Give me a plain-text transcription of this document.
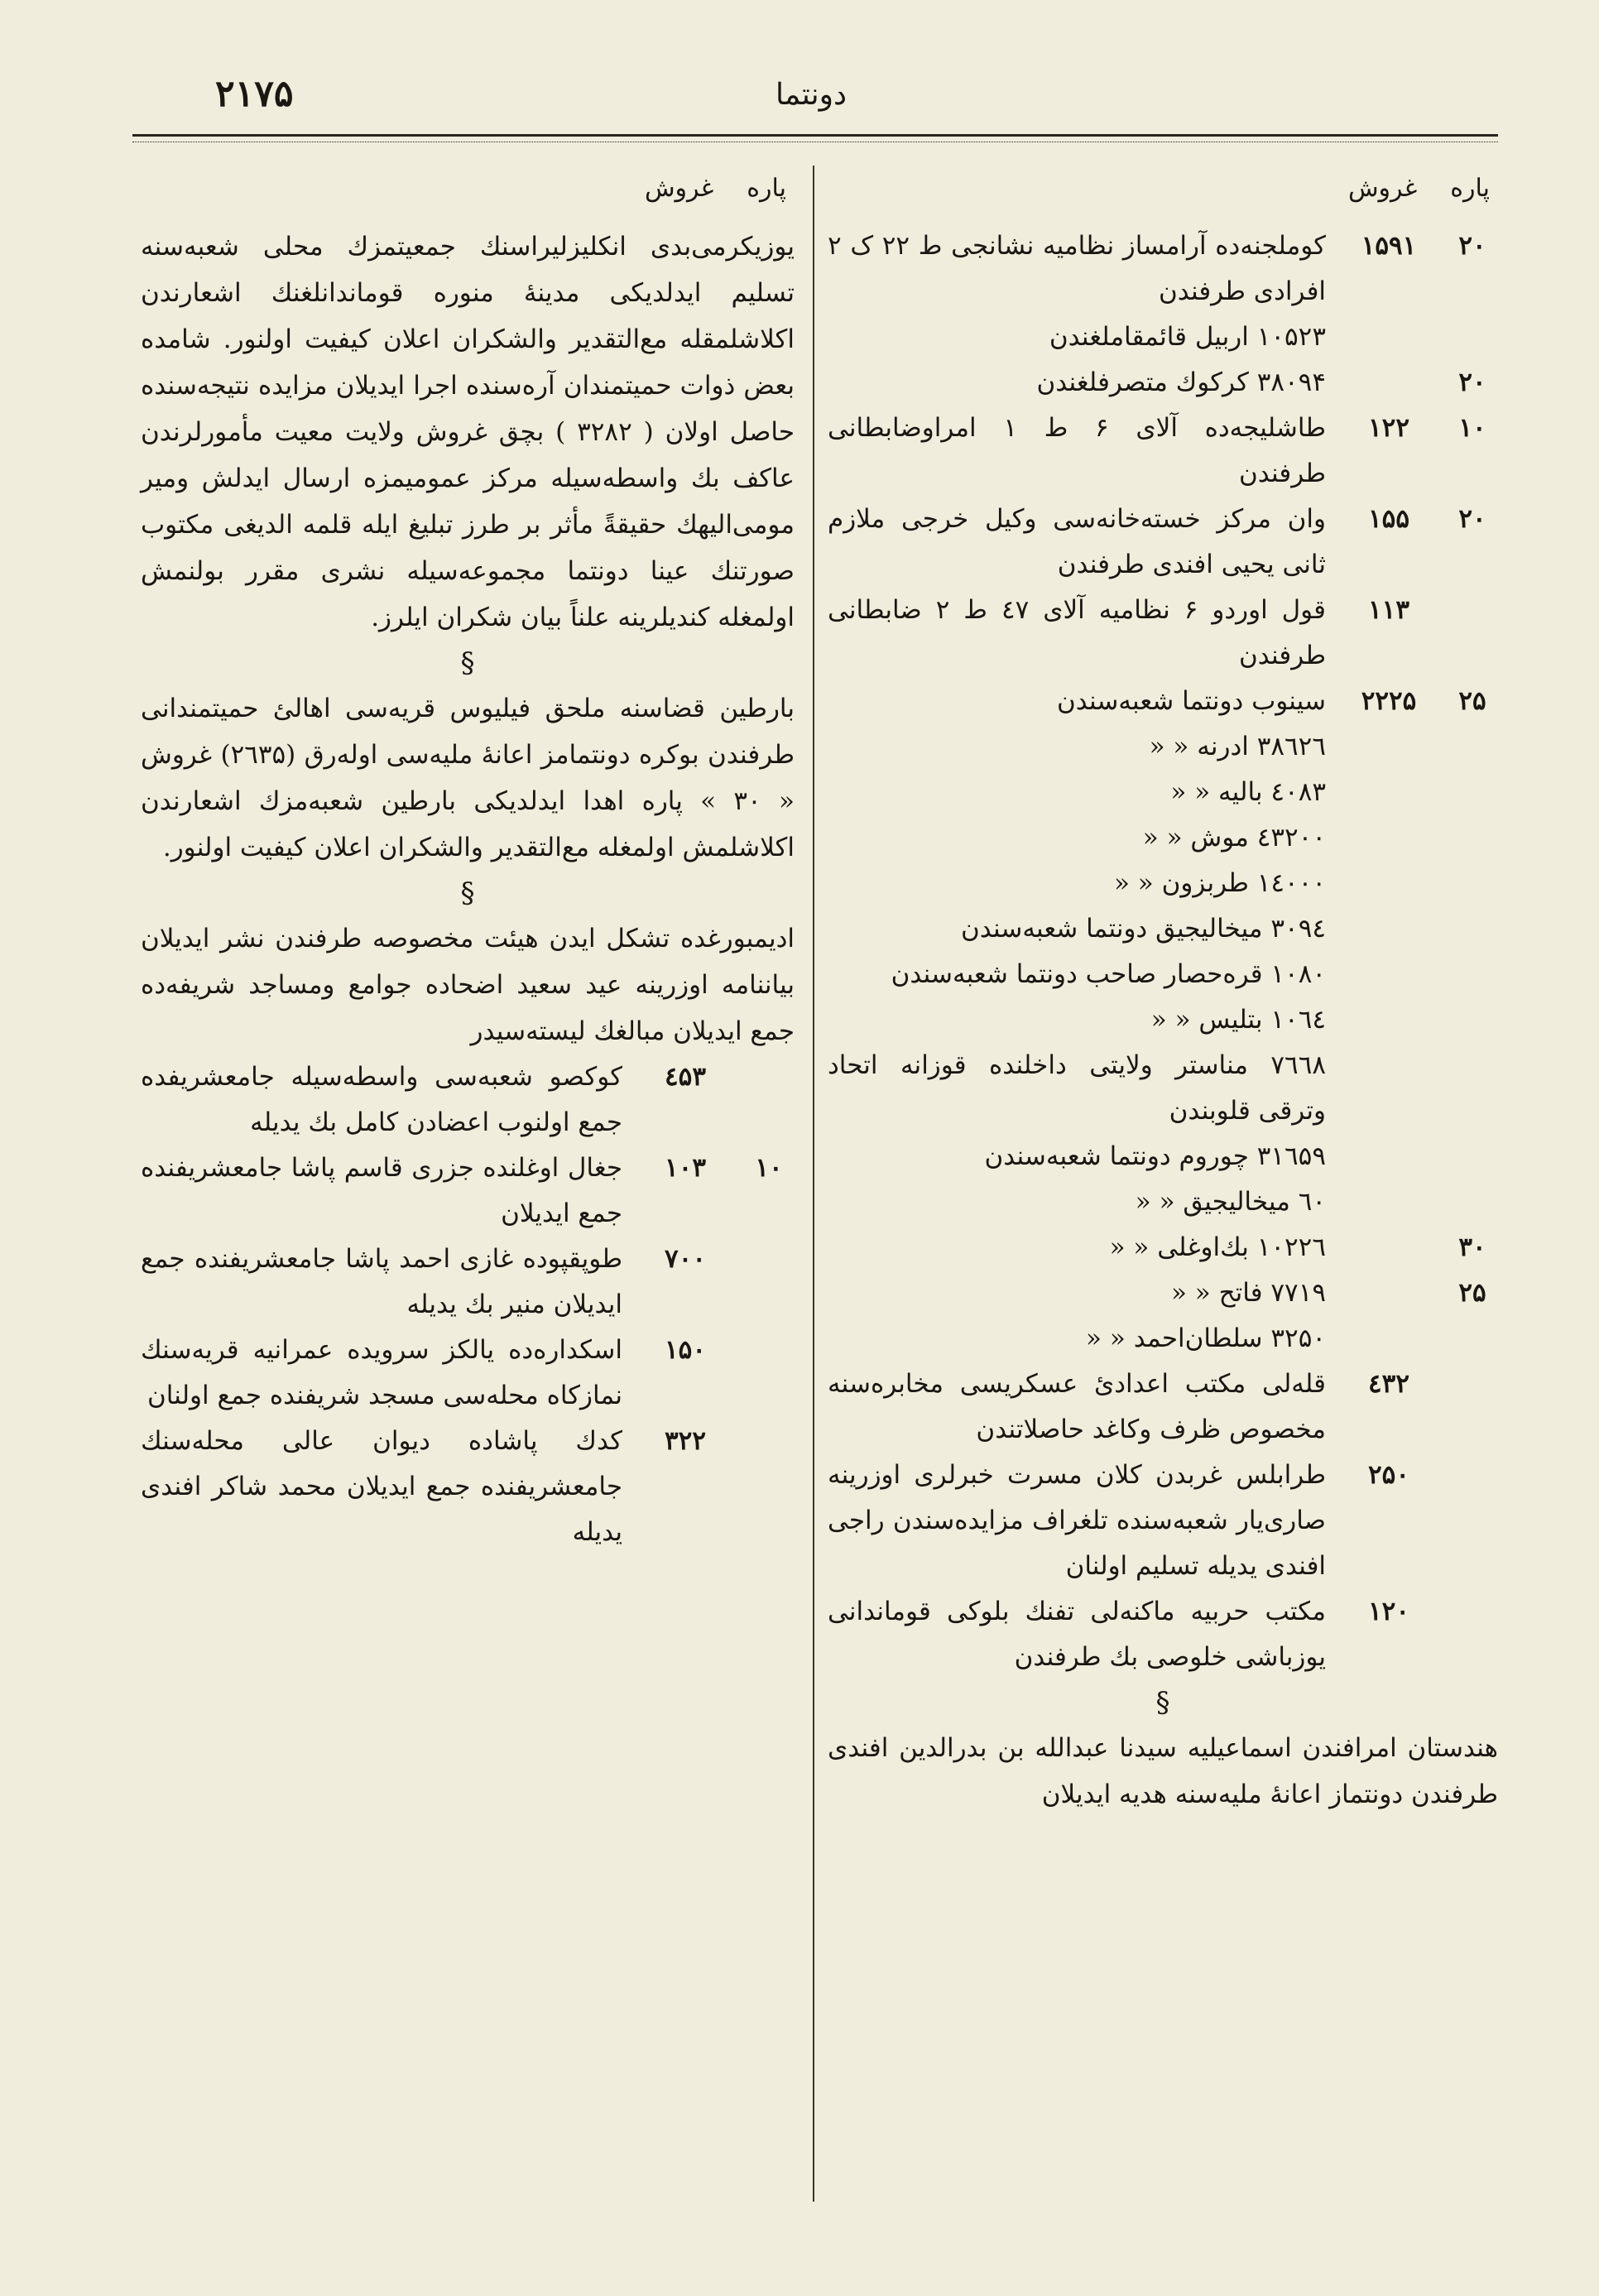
۲۱۷۵	دونتما
پاره
غروش
۲۰
۱۵۹۱
کوملجنه‌ده آرامساز نظامیه نشانجی ط ۲۲ ک ۲ افرادی طرفندن
۱۰۵۲۳ اربیل قائمقاملغندن
۲۰
۳۸۰۹۴ کرکوك متصرفلغندن
۱۰
۱۲۲
طاشلیجه‌ده آلای ۶ ط ۱ امراوضابطانی طرفندن
۲۰
۱۵۵
وان مرکز خسته‌خانه‌سی وکیل خرجی ملازم ثانی یحیی افندی طرفندن
۱۱۳
قول اوردو ۶ نظامیه آلای ٤۷ ط ۲ ضابطانی طرفندن
۲۵
۲۲۲۵
سینوب دونتما شعبه‌سندن
۳۸٦۲٦ ادرنه « «
٤۰۸۳ بالیه « «
٤۳۲۰۰ موش « «
۱٤۰۰۰ طربزون « «
۳۰۹٤ میخالیجیق دونتما شعبه‌سندن
۱۰۸۰ قره‌حصار صاحب دونتما شعبه‌سندن
۱۰٦٤ بتلیس « «
۷٦٦۸ مناستر ولایتی داخلنده قوزانه اتحاد وترقی قلوبندن
۳۱٦۵۹ چوروم دونتما شعبه‌سندن
٦۰ میخالیجیق « «
۳۰
۱۰۲۲٦ بك‌اوغلی « «
۲۵
۷۷۱۹ فاتح « «
۳۲۵۰ سلطان‌احمد « «
٤۳۲
قله‌لی مکتب اعدادئ عسکریسی مخابره‌سنه مخصوص ظرف وکاغد حاصلاتندن
۲۵۰
طرابلس غربدن کلان مسرت خبرلری اوزرینه صاری‌یار شعبه‌سنده تلغراف مزایده‌سندن راجی افندی یدیله تسلیم اولنان
۱۲۰
مکتب حربیه ماکنه‌لی تفنك بلوکی قوماندانی یوزباشی خلوصی بك طرفندن
§
هندستان امرافندن اسماعیلیه سیدنا عبدالله بن بدرالدین افندی طرفندن دونتماز اعانهٔ ملیه‌سنه هدیه ایدیلان
پاره
غروش
یوزیکرمی‌بدی انکلیزلیراسنك جمعیتمزك محلی شعبه‌سنه تسلیم ایدلدیکی مدینهٔ منوره قوماندانلغنك اشعارندن اکلاشلمقله مع‌التقدیر والشکران اعلان کیفیت اولنور. شامده بعض ذوات حمیتمندان آره‌سنده اجرا ایدیلان مزایده نتیجه‌سنده حاصل اولان ( ۳۲۸۲ ) بچق غروش ولایت معیت مأمورلرندن عاکف بك واسطه‌سیله مرکز عمومیمزه ارسال ایدلش ومیر مومی‌الیهك حقیقةً مأثر بر طرز تبلیغ ایله قلمه الدیغی مکتوب صورتنك عینا دونتما مجموعه‌سیله نشری مقرر بولنمش اولمغله کندیلرینه علناً بیان شکران ایلرز.
§
بارطین قضاسنه ملحق فیلیوس قریه‌سی اهالئ حمیتمندانی طرفندن بوکره دونتمامز اعانهٔ ملیه‌سی اوله‌رق (۲٦۳۵) غروش « ۳۰ » پاره اهدا ایدلدیکی بارطین شعبه‌مزك اشعارندن اکلاشلمش اولمغله مع‌التقدیر والشکران اعلان کیفیت اولنور.
§
ادیمبورغده تشکل ایدن هیئت مخصوصه طرفندن نشر ایدیلان بیاننامه اوزرینه عید سعید اضحاده جوامع ومساجد شریفه‌ده جمع ایدیلان مبالغك لیسته‌سیدر
٤۵۳
کوکصو شعبه‌سی واسطه‌سیله جامعشریفده جمع اولنوب اعضادن کامل بك یدیله
۱۰
۱۰۳
جغال اوغلنده جزری قاسم پاشا جامعشریفنده جمع ایدیلان
۷۰۰
طوپقپوده غازی احمد پاشا جامعشریفنده جمع ایدیلان منیر بك یدیله
۱۵۰
اسکداره‌ده یالکز سرویده عمرانیه قریه‌سنك نمازکاه محله‌سی مسجد شریفنده جمع اولنان
۳۲۲
کدك پاشاده دیوان عالی محله‌سنك جامعشریفنده جمع ایدیلان محمد شاکر افندی یدیله
